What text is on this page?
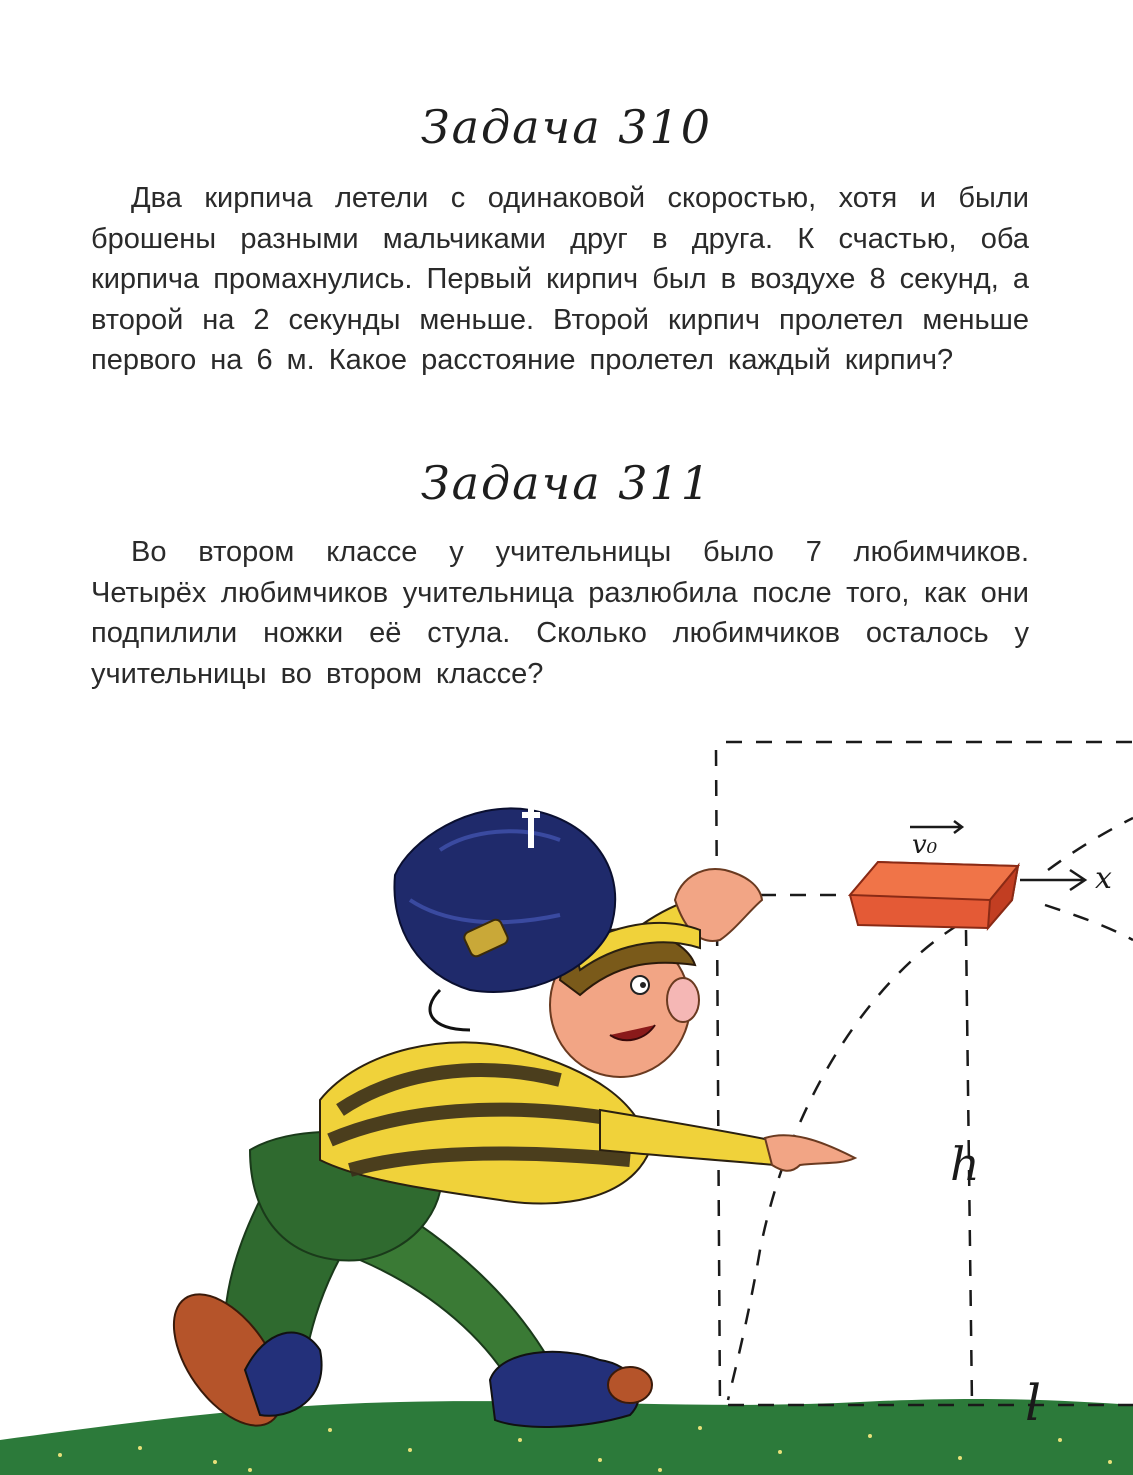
Задача 310

Два кирпича летели с одинаковой скоростью, хотя и были брошены разными мальчиками друг в друга. К счастью, оба кирпича промахнулись. Первый кирпич был в воздухе 8 секунд, а второй на 2 секунды меньше. Второй кирпич пролетел меньше первого на 6 м. Какое расстояние пролетел каждый кирпич?

Задача 311

Во втором классе у учительницы было 7 любимчиков. Четырёх любимчиков учительница разлюбила после того, как они подпилили ножки её стула. Сколько любимчиков осталось у учительницы во втором классе?

v₀
x
h
l
